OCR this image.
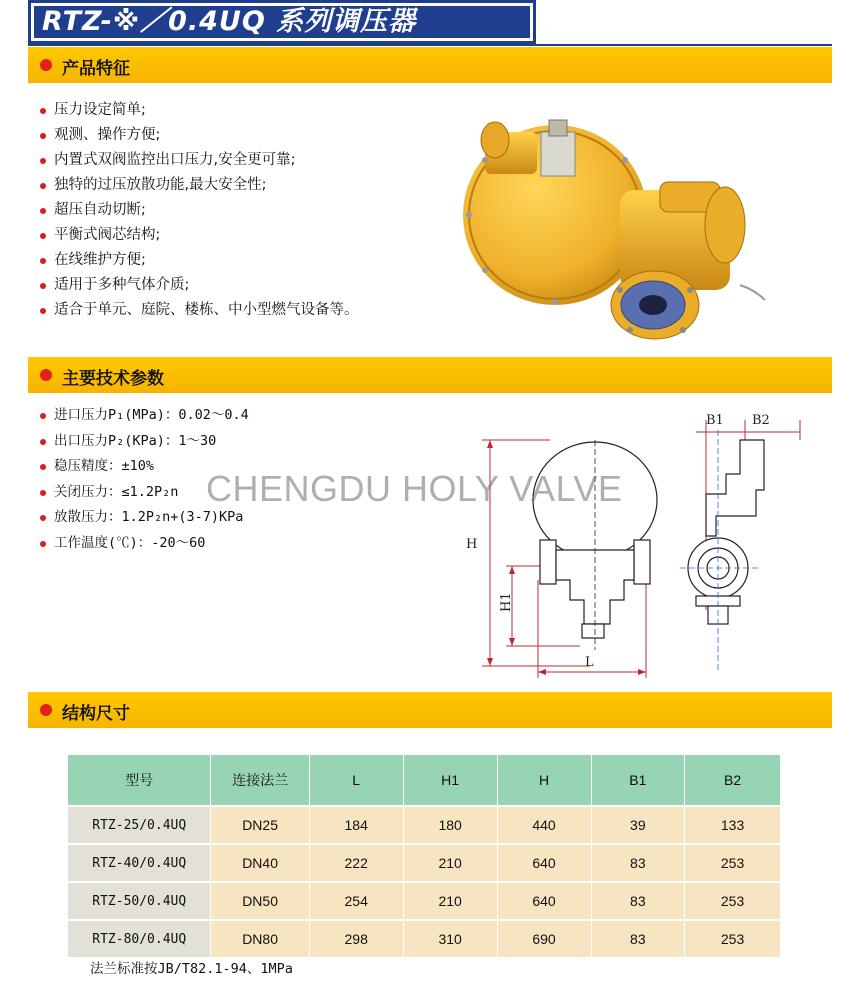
RTZ-※／0.4UQ 系列调压器
产品特征
压力设定简单;
观测、操作方便;
内置式双阀监控出口压力,安全更可靠;
独特的过压放散功能,最大安全性;
超压自动切断;
平衡式阀芯结构;
在线维护方便;
适用于多种气体介质;
适合于单元、庭院、楼栋、中小型燃气设备等。
主要技术参数
进口压力P₁(MPa)：0.02～0.4
出口压力P₂(KPa)：1～30
稳压精度：±10%
关闭压力：≤1.2P₂n
放散压力：1.2P₂n+(3-7)KPa
工作温度(℃)：-20～60	H
H1
L
B1 B2
CHENGDU HOLY VALVE
结构尺寸
型号	连接法兰	L	H1	H	B1	B2
RTZ-25/0.4UQ	DN25	184	180	440	39	133
RTZ-40/0.4UQ	DN40	222	210	640	83	253
RTZ-50/0.4UQ	DN50	254	210	640	83	253
RTZ-80/0.4UQ	DN80	298	310	690	83	253
法兰标准按JB/T82.1-94、1MPa
